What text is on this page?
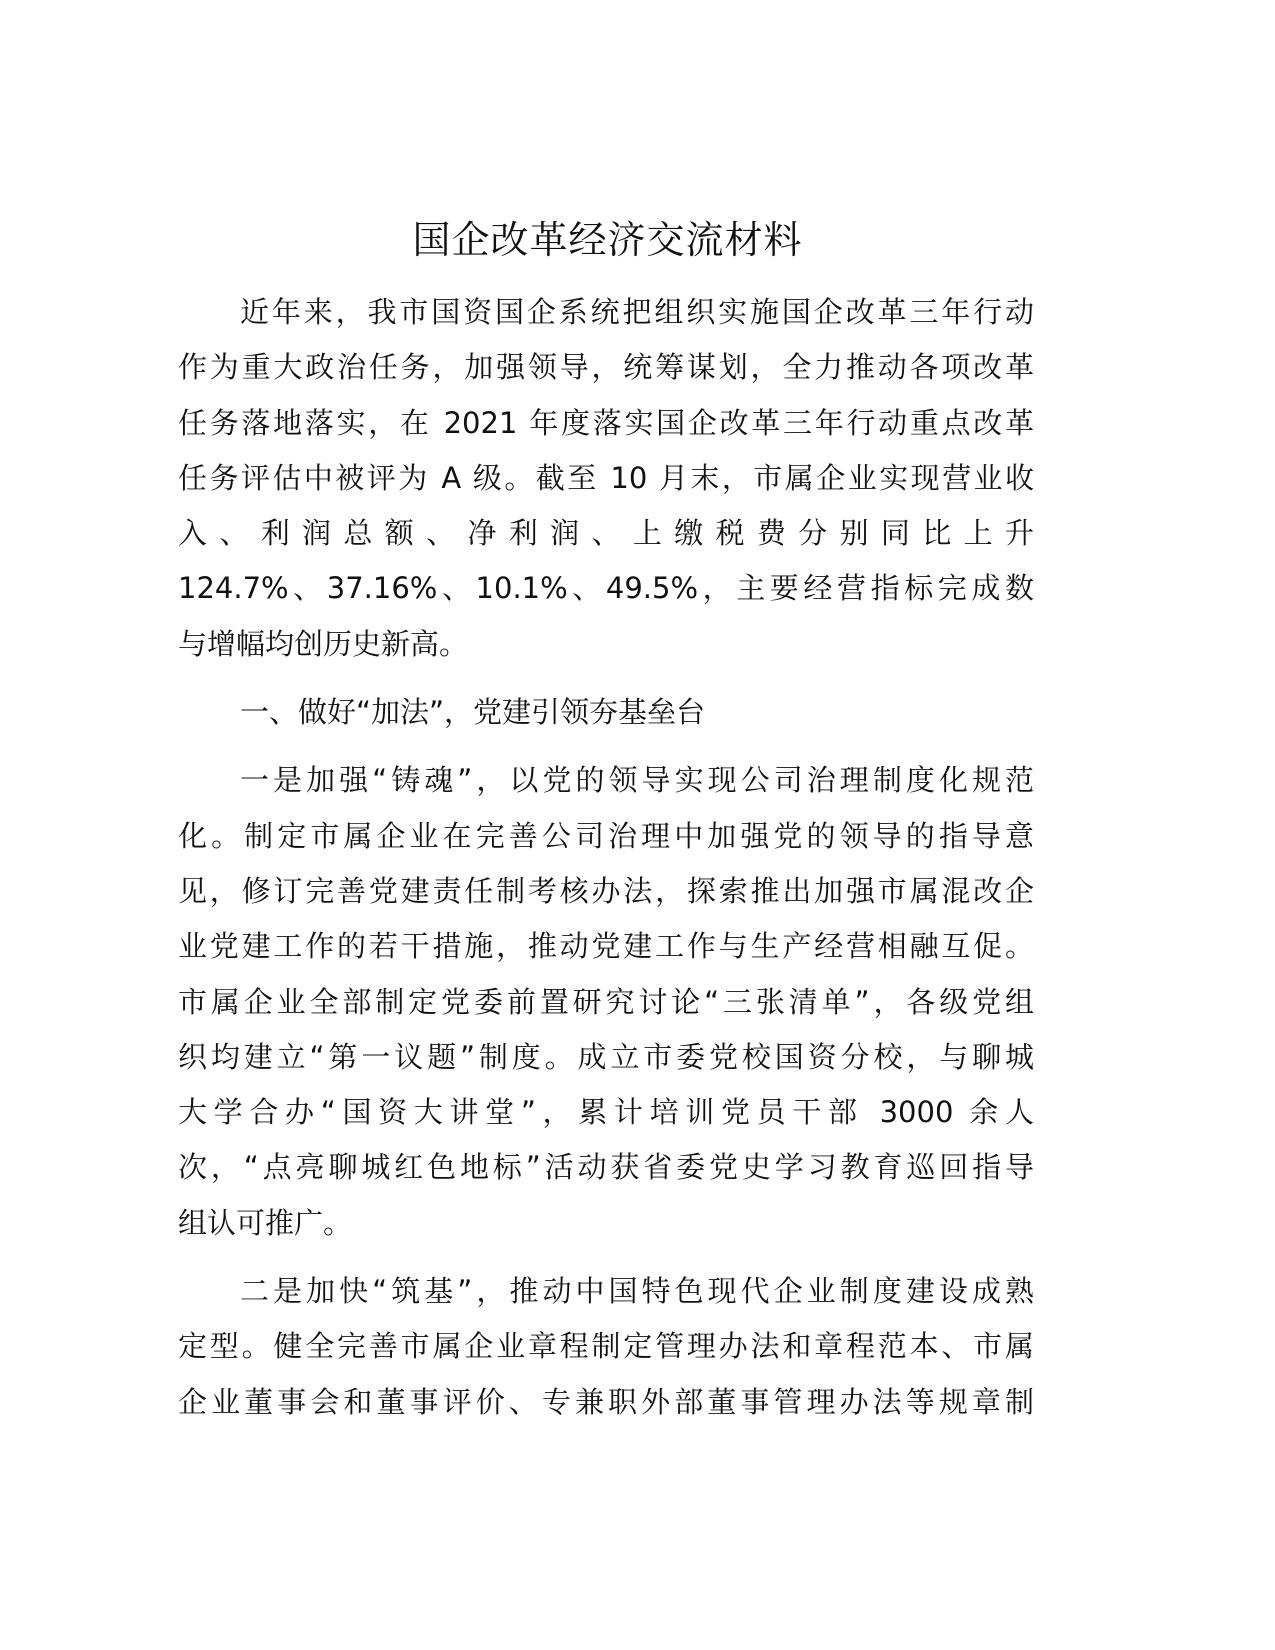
国企改革经济交流材料
近年来，我市国资国企系统把组织实施国企改革三年行动
作为重大政治任务，加强领导，统筹谋划，全力推动各项改革
任务落地落实，在 2021 年度落实国企改革三年行动重点改革
任务评估中被评为 A 级。截至 10 月末，市属企业实现营业收
入、利润总额、净利润、上缴税费分别同比上升
124.7%、37.16%、10.1%、49.5%，主要经营指标完成数
与增幅均创历史新高。
一、做好“加法”，党建引领夯基垒台
一是加强“铸魂”，以党的领导实现公司治理制度化规范
化。制定市属企业在完善公司治理中加强党的领导的指导意
见，修订完善党建责任制考核办法，探索推出加强市属混改企
业党建工作的若干措施，推动党建工作与生产经营相融互促。
市属企业全部制定党委前置研究讨论“三张清单”，各级党组
织均建立“第一议题”制度。成立市委党校国资分校，与聊城
大学合办“国资大讲堂”，累计培训党员干部 3000 余人
次，“点亮聊城红色地标”活动获省委党史学习教育巡回指导
组认可推广。
二是加快“筑基”，推动中国特色现代企业制度建设成熟
定型。健全完善市属企业章程制定管理办法和章程范本、市属
企业董事会和董事评价、专兼职外部董事管理办法等规章制
